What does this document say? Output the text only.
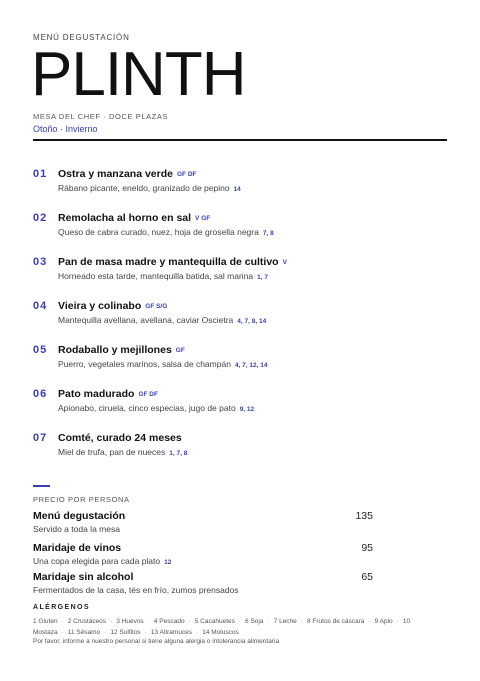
MENÚ DEGUSTACIÓN
PLINTH
MESA DEL CHEF · DOCE PLAZAS
Otoño · Invierno
01 Ostra y manzana verde GF DF
Rábano picante, eneldo, granizado de pepino 14
02 Remolacha al horno en sal V GF
Queso de cabra curado, nuez, hoja de grosella negra 7, 8
03 Pan de masa madre y mantequilla de cultivo V
Horneado esta tarde, mantequilla batida, sal marina 1, 7
04 Vieira y colinabo GF S/G
Mantequilla avellana, avellana, caviar Oscietra 4, 7, 8, 14
05 Rodaballo y mejillones GF
Puerro, vegetales marinos, salsa de champán 4, 7, 12, 14
06 Pato madurado GF DF
Apionabo, ciruela, cinco especias, jugo de pato 9, 12
07 Comté, curado 24 meses
Miel de trufa, pan de nueces 1, 7, 8
PRECIO POR PERSONA
Menú degustación	135
Servido a toda la mesa
Maridaje de vinos	95
Una copa elegida para cada plato 12
Maridaje sin alcohol	65
Fermentados de la casa, tés en frío, zumos prensados
ALÉRGENOS
1 Gluten · 2 Crustáceos · 3 Huevos · 4 Pescado · 5 Cacahuetes · 6 Soja · 7 Leche · 8 Frutos de cáscara · 9 Apio · 10 Mostaza · 11 Sésamo · 12 Sulfitos · 13 Altramuces · 14 Moluscos
Por favor, informe a nuestro personal si tiene alguna alergia o intolerancia alimentaria
